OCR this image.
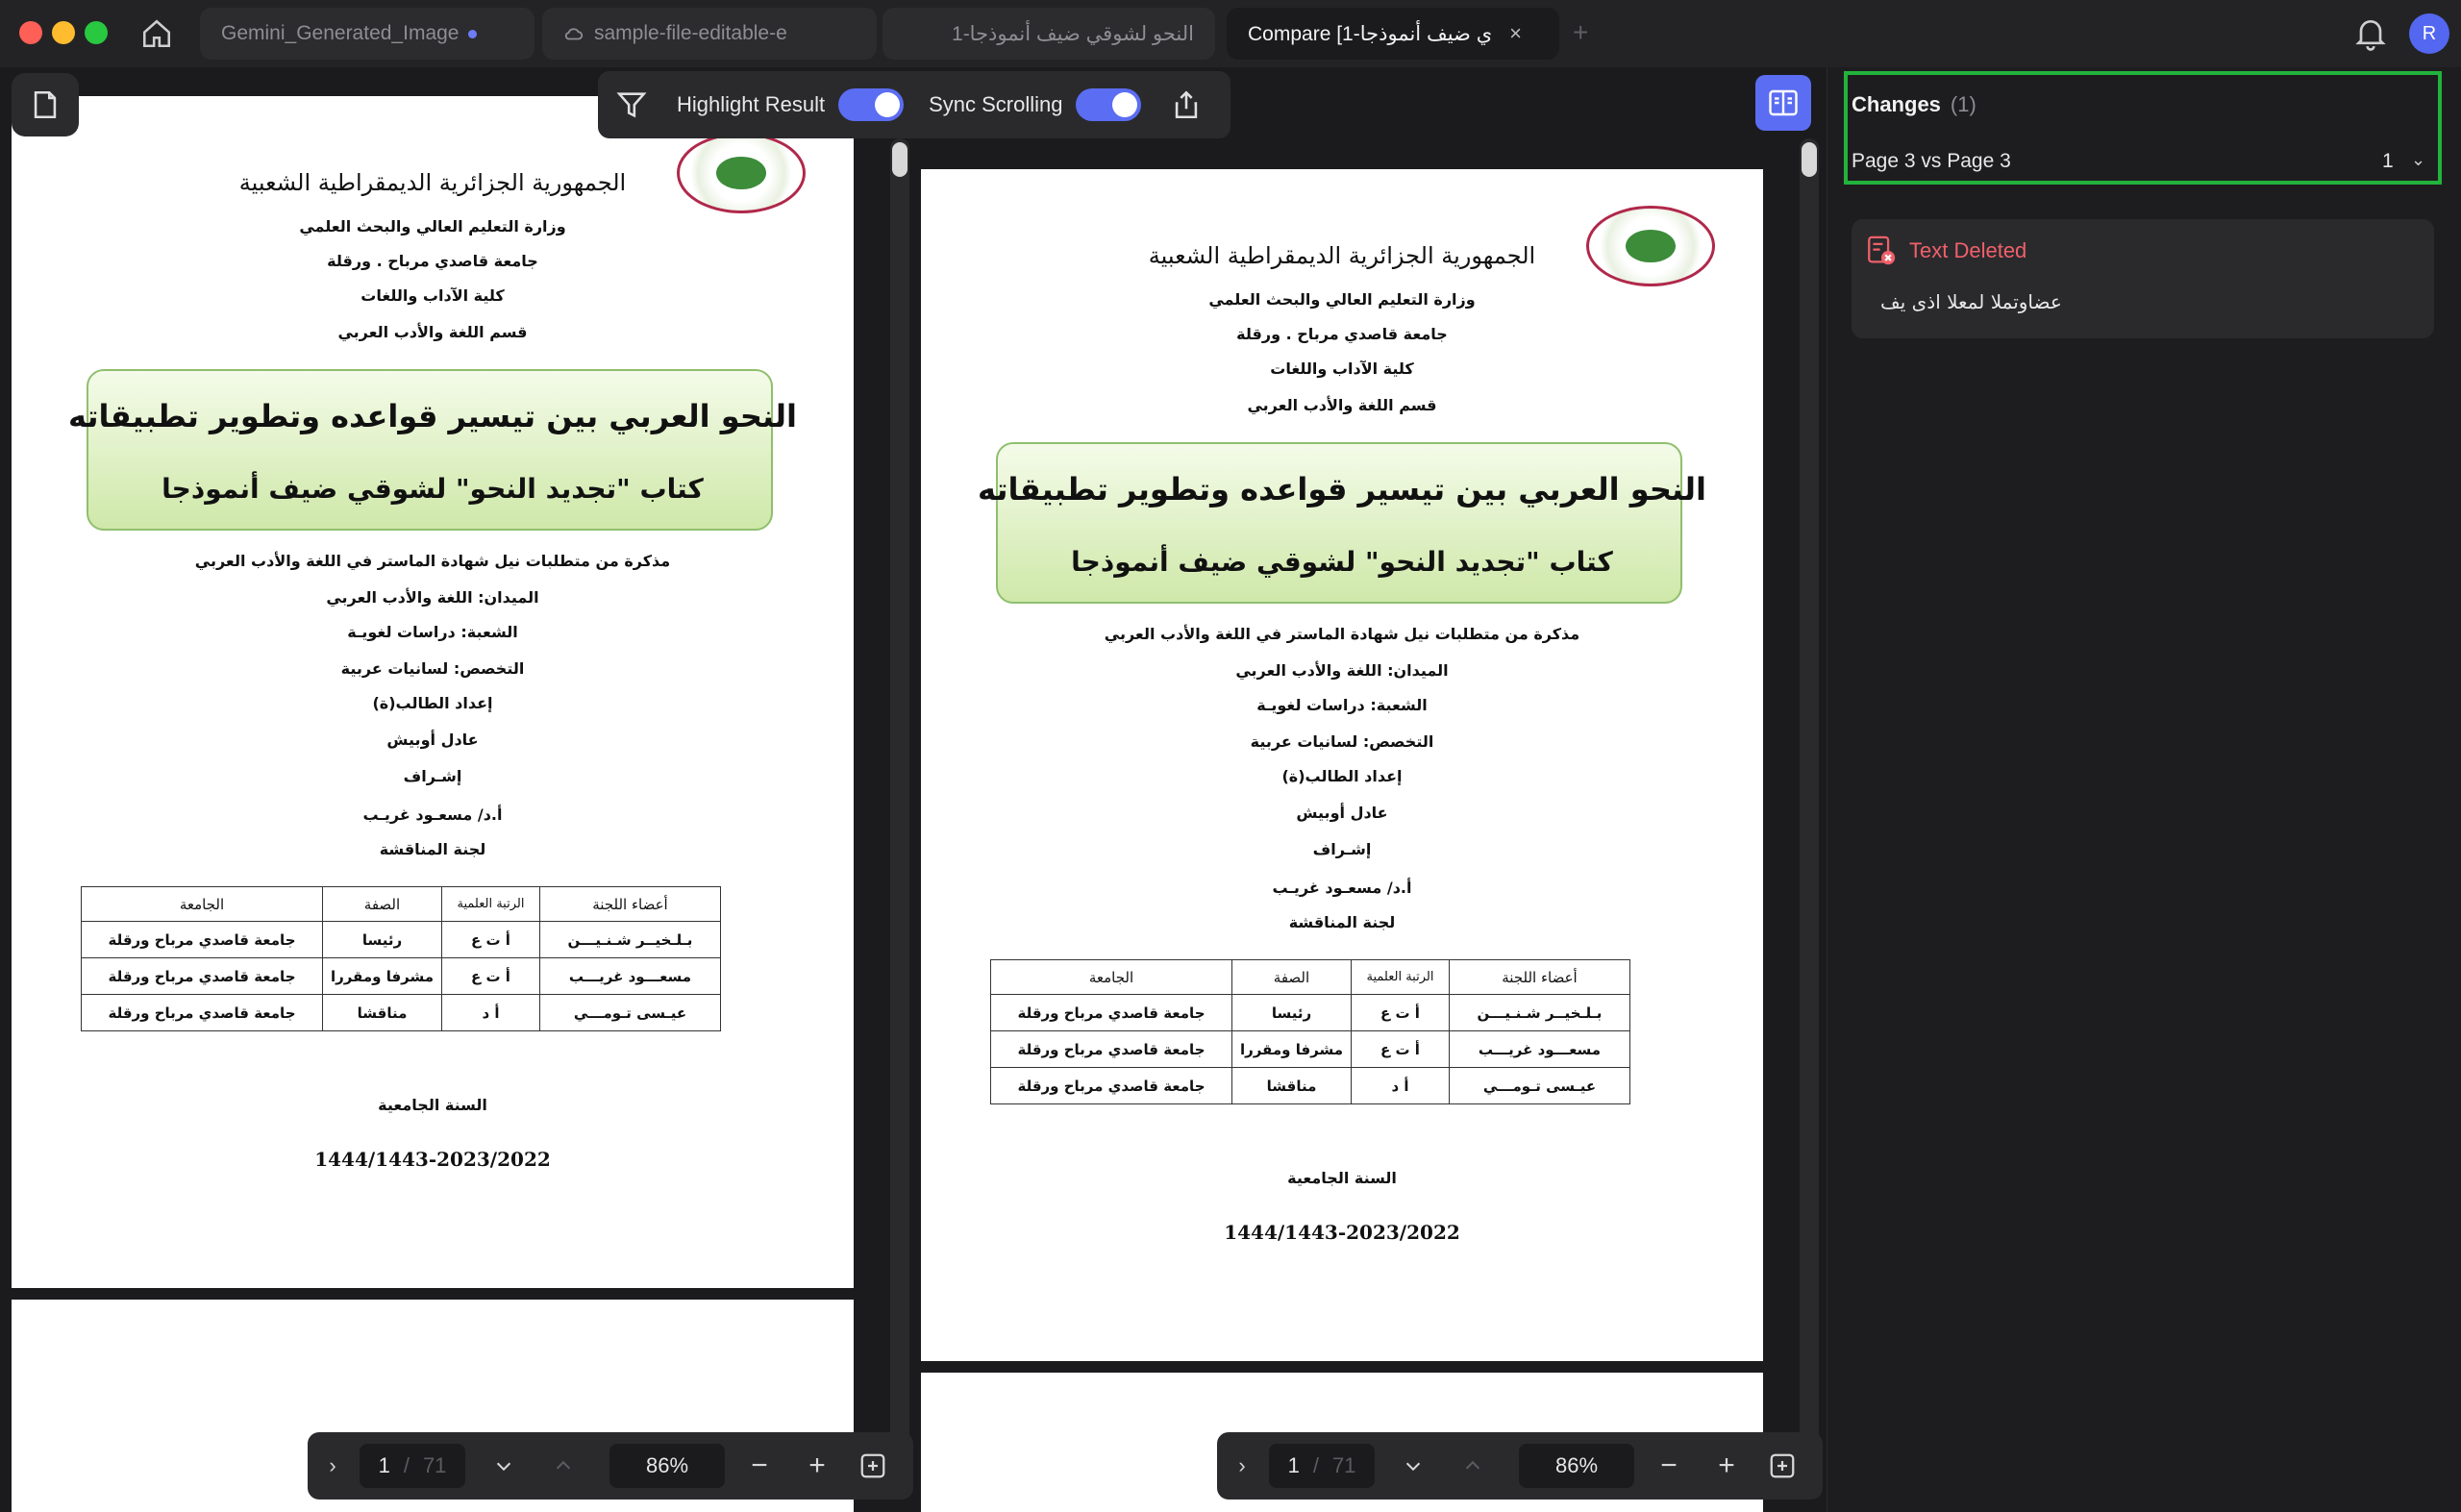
Gemini_Generated_Image	sample-file-editable-e	النحو لشوقي ضيف أنموذجا-1	Compare [1-ي ضيف أنموذجا × +	R
الجمهورية الجزائرية الديمقراطية الشعبية
وزارة التعليم العالي والبحث العلمي
جامعة قاصدي مرباح . ورقلة
كلية الآداب واللغات
قسم اللغة والأدب العربي
النحو العربي بين تيسير قواعده وتطوير تطبيقاته
كتاب "تجديد النحو" لشوقي ضيف أنموذجا
مذكرة من متطلبات نيل شهادة الماستر في اللغة والأدب العربي
الميدان: اللغة والأدب العربي
الشعبة: دراسات لغويـة
التخصص: لسانيات عربية
إعداد الطالب(ة)
عادل أوبيش
إشـراف
أ.د/ مسعـود غريـب
لجنة المناقشة
أعضاء اللجنة	الرتبة العلمية	الصفة	الجامعة
بـلـخيــر شـنـيـــن	أ ت ع	رئيسا	جامعة قاصدي مرباح ورقلة
مسعـــود غريـــب	أ ت ع	مشرفا ومقررا	جامعة قاصدي مرباح ورقلة
عيـسى تـومـــي	أ د	مناقشا	جامعة قاصدي مرباح ورقلة
السنة الجامعية
1444/1443-2023/2022
الجمهورية الجزائرية الديمقراطية الشعبية
وزارة التعليم العالي والبحث العلمي
جامعة قاصدي مرباح . ورقلة
كلية الآداب واللغات
قسم اللغة والأدب العربي
النحو العربي بين تيسير قواعده وتطوير تطبيقاته
كتاب "تجديد النحو" لشوقي ضيف أنموذجا
مذكرة من متطلبات نيل شهادة الماستر في اللغة والأدب العربي
الميدان: اللغة والأدب العربي
الشعبة: دراسات لغويـة
التخصص: لسانيات عربية
إعداد الطالب(ة)
عادل أوبيش
إشـراف
أ.د/ مسعـود غريـب
لجنة المناقشة
أعضاء اللجنة	الرتبة العلمية	الصفة	الجامعة
بـلـخيــر شـنـيـــن	أ ت ع	رئيسا	جامعة قاصدي مرباح ورقلة
مسعـــود غريـــب	أ ت ع	مشرفا ومقررا	جامعة قاصدي مرباح ورقلة
عيـسى تـومـــي	أ د	مناقشا	جامعة قاصدي مرباح ورقلة
السنة الجامعية
1444/1443-2023/2022
Highlight Result	Sync Scrolling
›	1 / 71	86%	−	+	›	1 / 71	86%	−	+
Changes (1)
Page 3 vs Page 3	1 ⌄
Text Deleted
عضاوتملا لمعلا اذى يف
